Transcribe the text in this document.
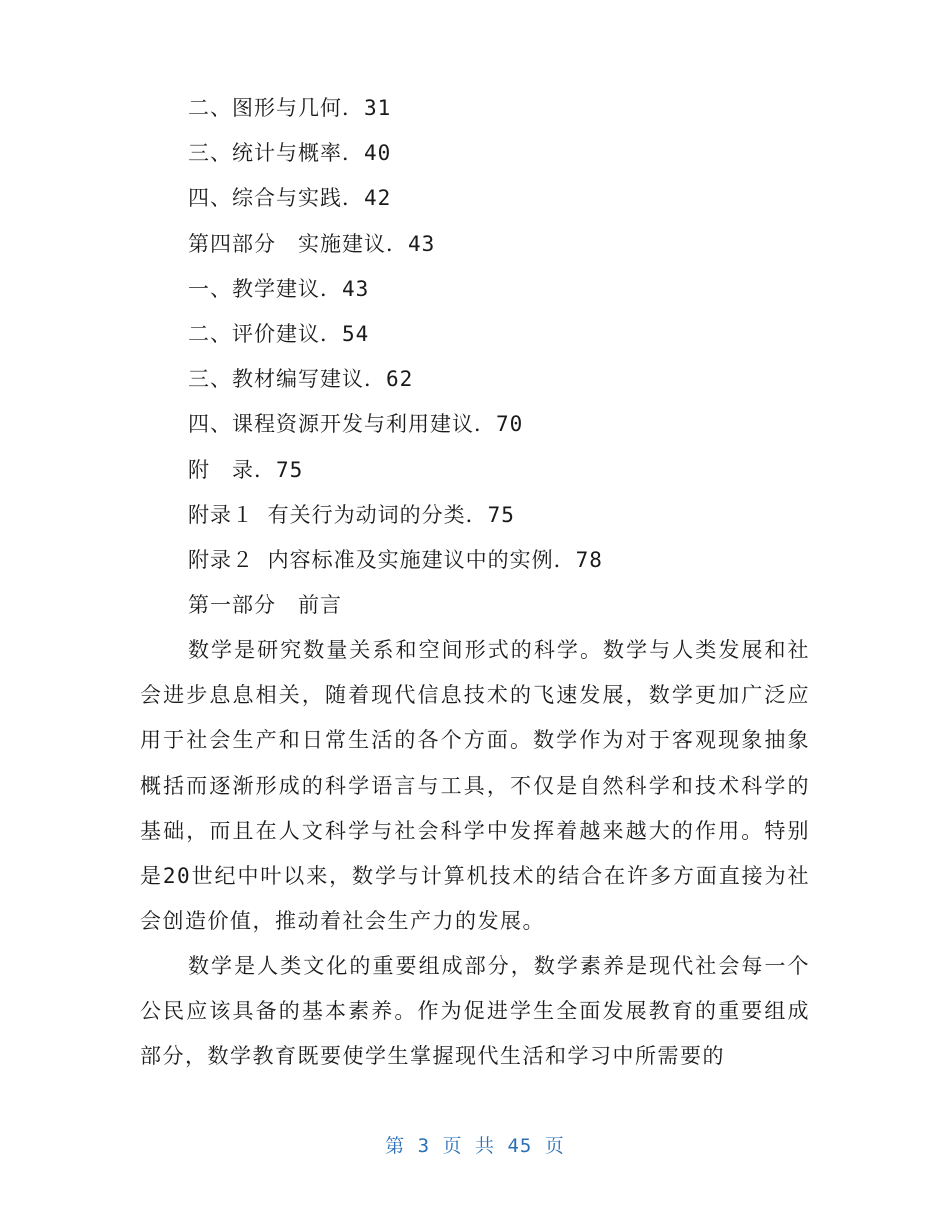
二、图形与几何．31
三、统计与概率．40
四、综合与实践．42
第四部分　实施建议．43
一、教学建议．43
二、评价建议．54
三、教材编写建议．62
四、课程资源开发与利用建议．70
附　录．75
附录１ 有关行为动词的分类．75
附录２ 内容标准及实施建议中的实例．78
第一部分　前言

数学是研究数量关系和空间形式的科学。数学与人类发展和社会进步息息相关，随着现代信息技术的飞速发展，数学更加广泛应用于社会生产和日常生活的各个方面。数学作为对于客观现象抽象概括而逐渐形成的科学语言与工具，不仅是自然科学和技术科学的基础，而且在人文科学与社会科学中发挥着越来越大的作用。特别是20世纪中叶以来，数学与计算机技术的结合在许多方面直接为社会创造价值，推动着社会生产力的发展。

数学是人类文化的重要组成部分，数学素养是现代社会每一个公民应该具备的基本素养。作为促进学生全面发展教育的重要组成部分，数学教育既要使学生掌握现代生活和学习中所需要的

第 3 页 共 45 页
